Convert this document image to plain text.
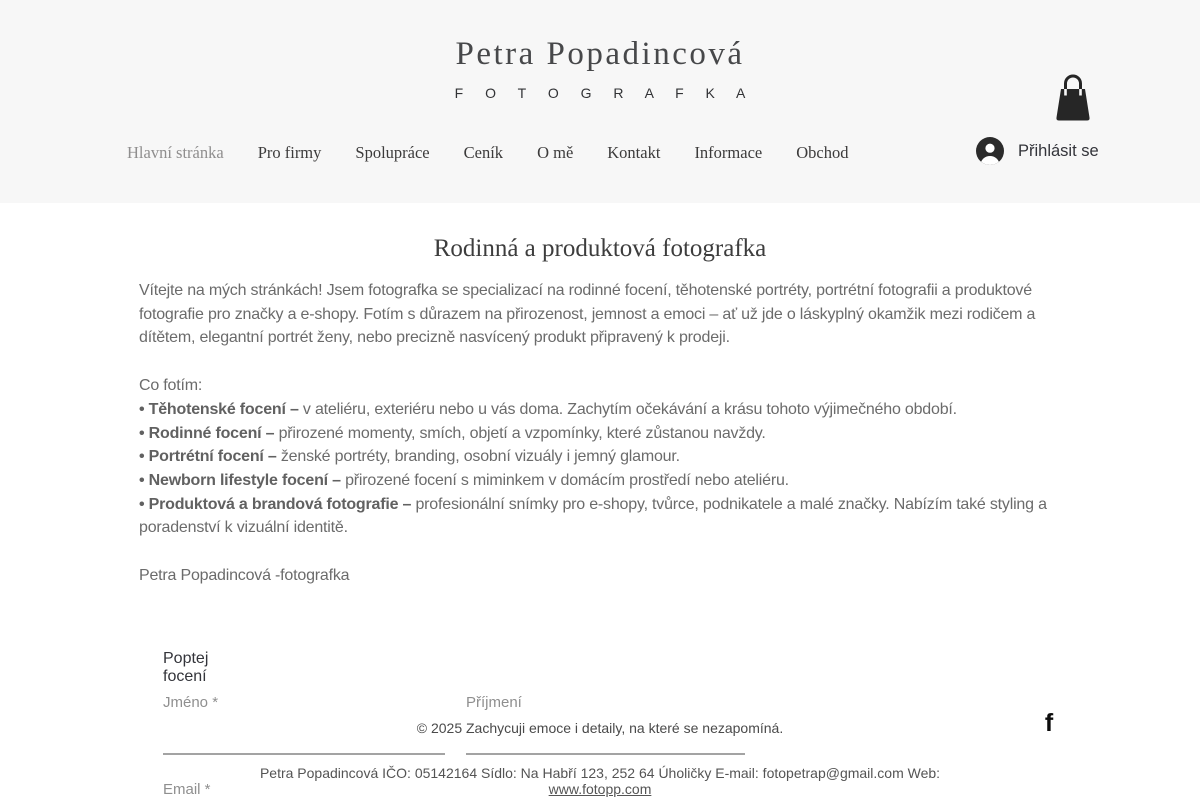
Petra Popadincová
F O T O G R A F K A
Hlavní stránka Pro firmy Spolupráce Ceník O mě Kontakt Informace Obchod	Přihlásit se
Rodinná a produktová fotografka

Vítejte na mých stránkách! Jsem fotografka se specializací na rodinné focení, těhotenské portréty, portrétní fotografii a produktové fotografie pro značky a e-shopy. Fotím s důrazem na přirozenost, jemnost a emoci – ať už jde o láskyplný okamžik mezi rodičem a dítětem, elegantní portrét ženy, nebo precizně nasvícený produkt připravený k prodeji.

Co fotím:

• Těhotenské focení – v ateliéru, exteriéru nebo u vás doma. Zachytím očekávání a krásu tohoto výjimečného období.

• Rodinné focení – přirozené momenty, smích, objetí a vzpomínky, které zůstanou navždy.

• Portrétní focení – ženské portréty, branding, osobní vizuály i jemný glamour.

• Newborn lifestyle focení – přirozené focení s miminkem v domácím prostředí nebo ateliéru.

• Produktová a brandová fotografie – profesionální snímky pro e-shopy, tvůrce, podnikatele a malé značky. Nabízím také styling a poradenství k vizuální identitě.

Petra Popadincová -fotografka

Poptej focení
Jméno *	Příjmení
Email *
© 2025 Zachycuji emoce i detaily, na které se nezapomíná.
Petra Popadincová IČO: 05142164 Sídlo: Na Habří 123, 252 64 Úholičky E-mail: fotopetrap@gmail.com Web:
www.fotopp.com
f
